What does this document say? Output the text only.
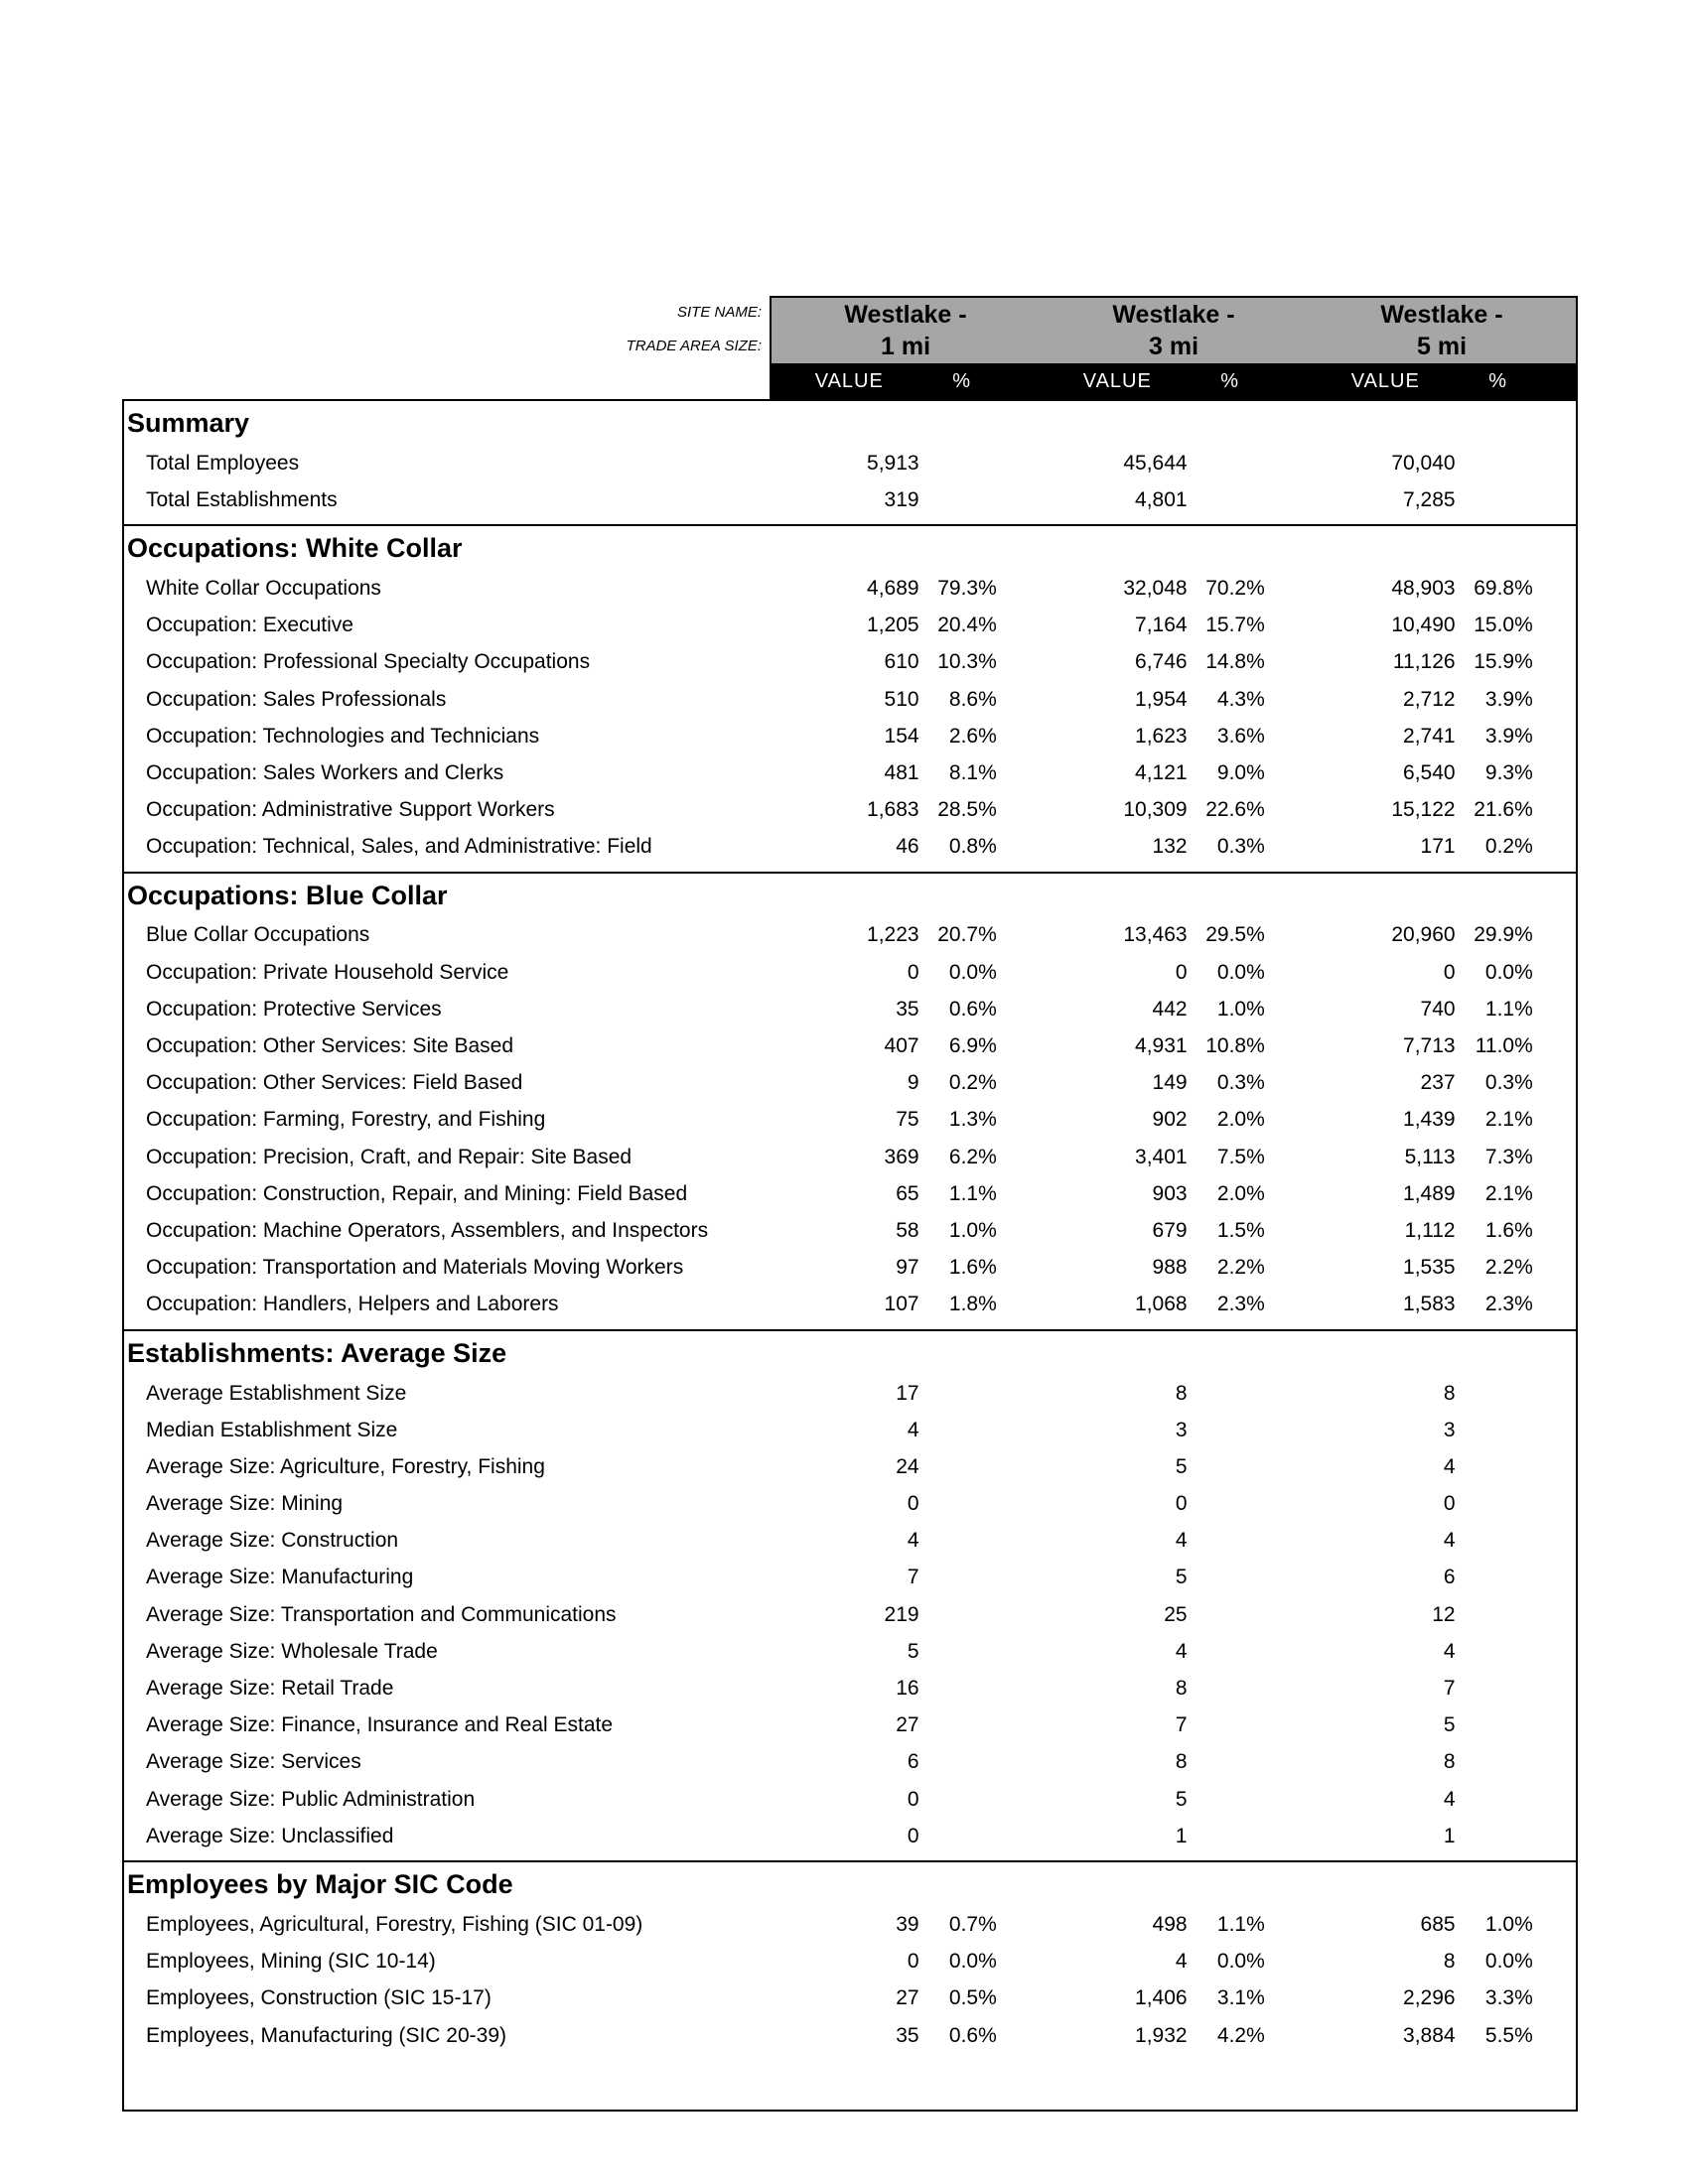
SITE NAME:	Westlake -	Westlake -	Westlake -
TRADE AREA SIZE:	1 mi	3 mi	5 mi
VALUE	%	VALUE	%	VALUE	%
Summary
Total Employees	5,913	45,644	70,040
Total Establishments	319	4,801	7,285
Occupations: White Collar
White Collar Occupations	4,689 79.3%	32,048 70.2%	48,903 69.8%
Occupation: Executive	1,205 20.4%	7,164 15.7%	10,490 15.0%
Occupation: Professional Specialty Occupations	610 10.3%	6,746 14.8%	11,126 15.9%
Occupation: Sales Professionals	510	8.6%	1,954	4.3%	2,712	3.9%
Occupation: Technologies and Technicians	154	2.6%	1,623	3.6%	2,741	3.9%
Occupation: Sales Workers and Clerks	481	8.1%	4,121	9.0%	6,540	9.3%
Occupation: Administrative Support Workers	1,683 28.5%	10,309 22.6%	15,122 21.6%
Occupation: Technical, Sales, and Administrative: Field	46	0.8%	132	0.3%	171	0.2%
Occupations: Blue Collar
Blue Collar Occupations	1,223 20.7%	13,463 29.5%	20,960 29.9%
Occupation: Private Household Service	0	0.0%	0	0.0%	0	0.0%
Occupation: Protective Services	35	0.6%	442	1.0%	740	1.1%
Occupation: Other Services: Site Based	407	6.9%	4,931 10.8%	7,713 11.0%
Occupation: Other Services: Field Based	9	0.2%	149	0.3%	237	0.3%
Occupation: Farming, Forestry, and Fishing	75	1.3%	902	2.0%	1,439	2.1%
Occupation: Precision, Craft, and Repair: Site Based	369	6.2%	3,401	7.5%	5,113	7.3%
Occupation: Construction, Repair, and Mining: Field Based	65	1.1%	903	2.0%	1,489	2.1%
Occupation: Machine Operators, Assemblers, and Inspectors	58	1.0%	679	1.5%	1,112	1.6%
Occupation: Transportation and Materials Moving Workers	97	1.6%	988	2.2%	1,535	2.2%
Occupation: Handlers, Helpers and Laborers	107	1.8%	1,068	2.3%	1,583	2.3%
Establishments: Average Size
Average Establishment Size	17	8	8
Median Establishment Size	4	3	3
Average Size: Agriculture, Forestry, Fishing	24	5	4
Average Size: Mining	0	0	0
Average Size: Construction	4	4	4
Average Size: Manufacturing	7	5	6
Average Size: Transportation and Communications	219	25	12
Average Size: Wholesale Trade	5	4	4
Average Size: Retail Trade	16	8	7
Average Size: Finance, Insurance and Real Estate	27	7	5
Average Size: Services	6	8	8
Average Size: Public Administration	0	5	4
Average Size: Unclassified	0	1	1
Employees by Major SIC Code
Employees, Agricultural, Forestry, Fishing (SIC 01-09)	39	0.7%	498	1.1%	685	1.0%
Employees, Mining (SIC 10-14)	0	0.0%	4	0.0%	8	0.0%
Employees, Construction (SIC 15-17)	27	0.5%	1,406	3.1%	2,296	3.3%
Employees, Manufacturing (SIC 20-39)	35	0.6%	1,932	4.2%	3,884	5.5%
